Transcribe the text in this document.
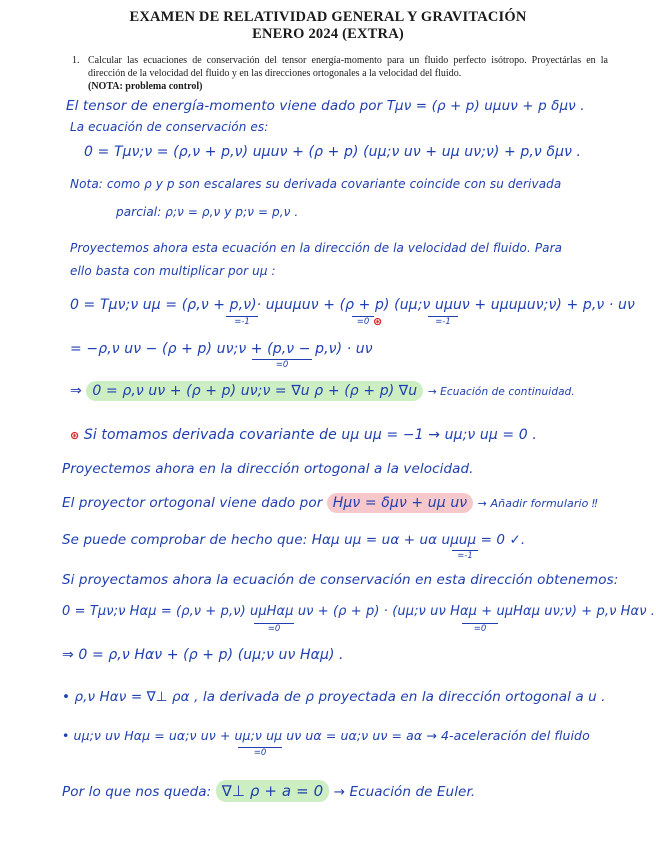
EXAMEN DE RELATIVIDAD GENERAL Y GRAVITACIÓN
ENERO 2024 (EXTRA)
1. Calcular las ecuaciones de conservación del tensor energía-momento para un fluido perfecto isótropo. Proyectárlas en la dirección de la velocidad del fluido y en las direcciones ortogonales a la velocidad del fluido.
(NOTA: problema control)
El tensor de energía-momento viene dado por Tμν = (ρ + p) uμuν + p δμν .
La ecuación de conservación es:
0 = Tμν;ν = (ρ,ν + p,ν) uμuν + (ρ + p) (uμ;ν uν + uμ uν;ν) + p,ν δμν .
Nota: como ρ y p son escalares su derivada covariante coincide con su derivada
parcial: ρ;ν = ρ,ν y p;ν = p,ν .
Proyectemos ahora esta ecuación en la dirección de la velocidad del fluido. Para
ello basta con multiplicar por uμ :
0 = Tμν;ν uμ = (ρ,ν + p,ν)· uμuμuν + (ρ + p) (uμ;ν uμuν + uμuμuν;ν) + p,ν · uν
⊛
=-1	=0	=-1
= −ρ,ν uν − (ρ + p) uν;ν + (p,ν − p,ν) · uν
=0
⇒ 0 = ρ,ν uν + (ρ + p) uν;ν = ∇u ρ + (ρ + p) ∇u → Ecuación de continuidad.
⊛ Si tomamos derivada covariante de uμ uμ = −1 → uμ;ν uμ = 0 .
Proyectemos ahora en la dirección ortogonal a la velocidad.
El proyector ortogonal viene dado por Hμν = δμν + uμ uν → Añadir formulario ‼
Se puede comprobar de hecho que: Hαμ uμ = uα + uα uμuμ = 0 ✓.
=-1
Si proyectamos ahora la ecuación de conservación en esta dirección obtenemos:
0 = Tμν;ν Hαμ = (ρ,ν + p,ν) uμHαμ uν + (ρ + p) · (uμ;ν uν Hαμ + uμHαμ uν;ν) + p,ν Hαν .
=0	=0
⇒ 0 = ρ,ν Hαν + (ρ + p) (uμ;ν uν Hαμ) .
• ρ,ν Hαν = ∇⊥ ρα , la derivada de ρ proyectada en la dirección ortogonal a u .
• uμ;ν uν Hαμ = uα;ν uν + uμ;ν uμ uν uα = uα;ν uν = aα → 4-aceleración del fluido
=0
Por lo que nos queda: ∇⊥ ρ + a = 0 → Ecuación de Euler.
